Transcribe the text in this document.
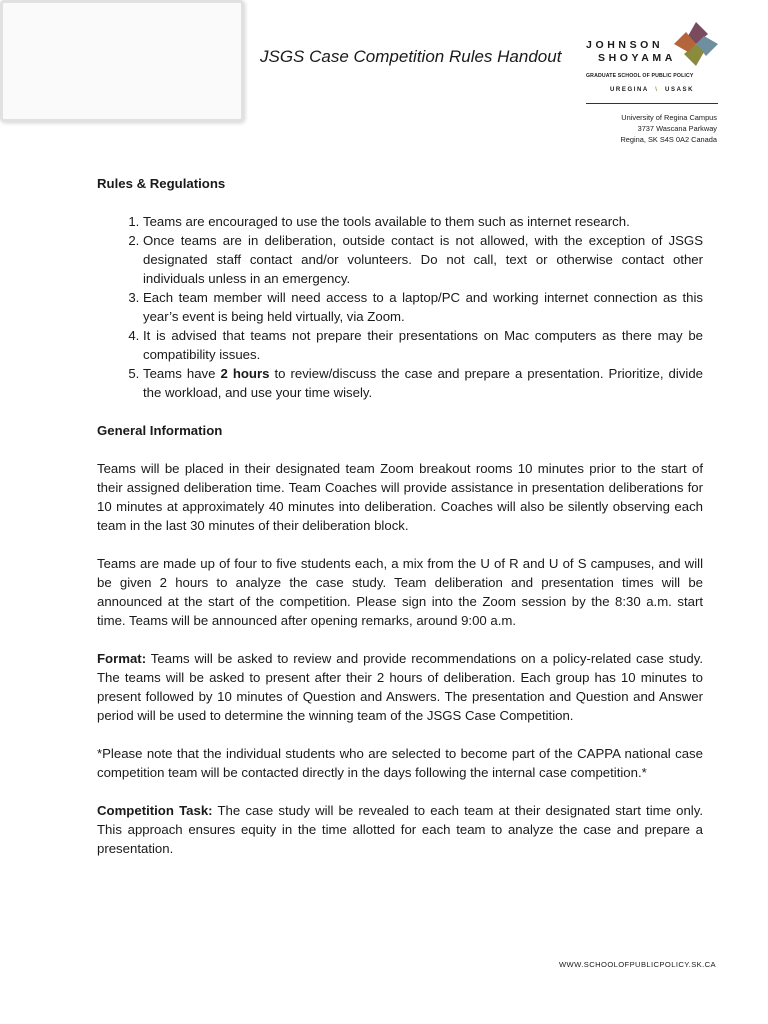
JSGS Case Competition Rules Handout
JOHNSON
SHOYAMA
GRADUATE SCHOOL OF PUBLIC POLICY
UREGINA  \  USASK
University of Regina Campus
3737 Wascana Parkway
Regina, SK S4S 0A2 Canada
Rules & Regulations
1. Teams are encouraged to use the tools available to them such as internet research.
2. Once teams are in deliberation, outside contact is not allowed, with the exception of JSGS designated staff contact and/or volunteers. Do not call, text or otherwise contact other individuals unless in an emergency.
3. Each team member will need access to a laptop/PC and working internet connection as this year’s event is being held virtually, via Zoom.
4. It is advised that teams not prepare their presentations on Mac computers as there may be compatibility issues.
5. Teams have 2 hours to review/discuss the case and prepare a presentation. Prioritize, divide the workload, and use your time wisely.
General Information

Teams will be placed in their designated team Zoom breakout rooms 10 minutes prior to the start of their assigned deliberation time. Team Coaches will provide assistance in presentation deliberations for 10 minutes at approximately 40 minutes into deliberation. Coaches will also be silently observing each team in the last 30 minutes of their deliberation block.

Teams are made up of four to five students each, a mix from the U of R and U of S campuses, and will be given 2 hours to analyze the case study. Team deliberation and presentation times will be announced at the start of the competition. Please sign into the Zoom session by the 8:30 a.m. start time. Teams will be announced after opening remarks, around 9:00 a.m.

Format: Teams will be asked to review and provide recommendations on a policy-related case study. The teams will be asked to present after their 2 hours of deliberation. Each group has 10 minutes to present followed by 10 minutes of Question and Answers. The presentation and Question and Answer period will be used to determine the winning team of the JSGS Case Competition.

*Please note that the individual students who are selected to become part of the CAPPA national case competition team will be contacted directly in the days following the internal case competition.*

Competition Task: The case study will be revealed to each team at their designated start time only. This approach ensures equity in the time allotted for each team to analyze the case and prepare a presentation.

WWW.SCHOOLOFPUBLICPOLICY.SK.CA
